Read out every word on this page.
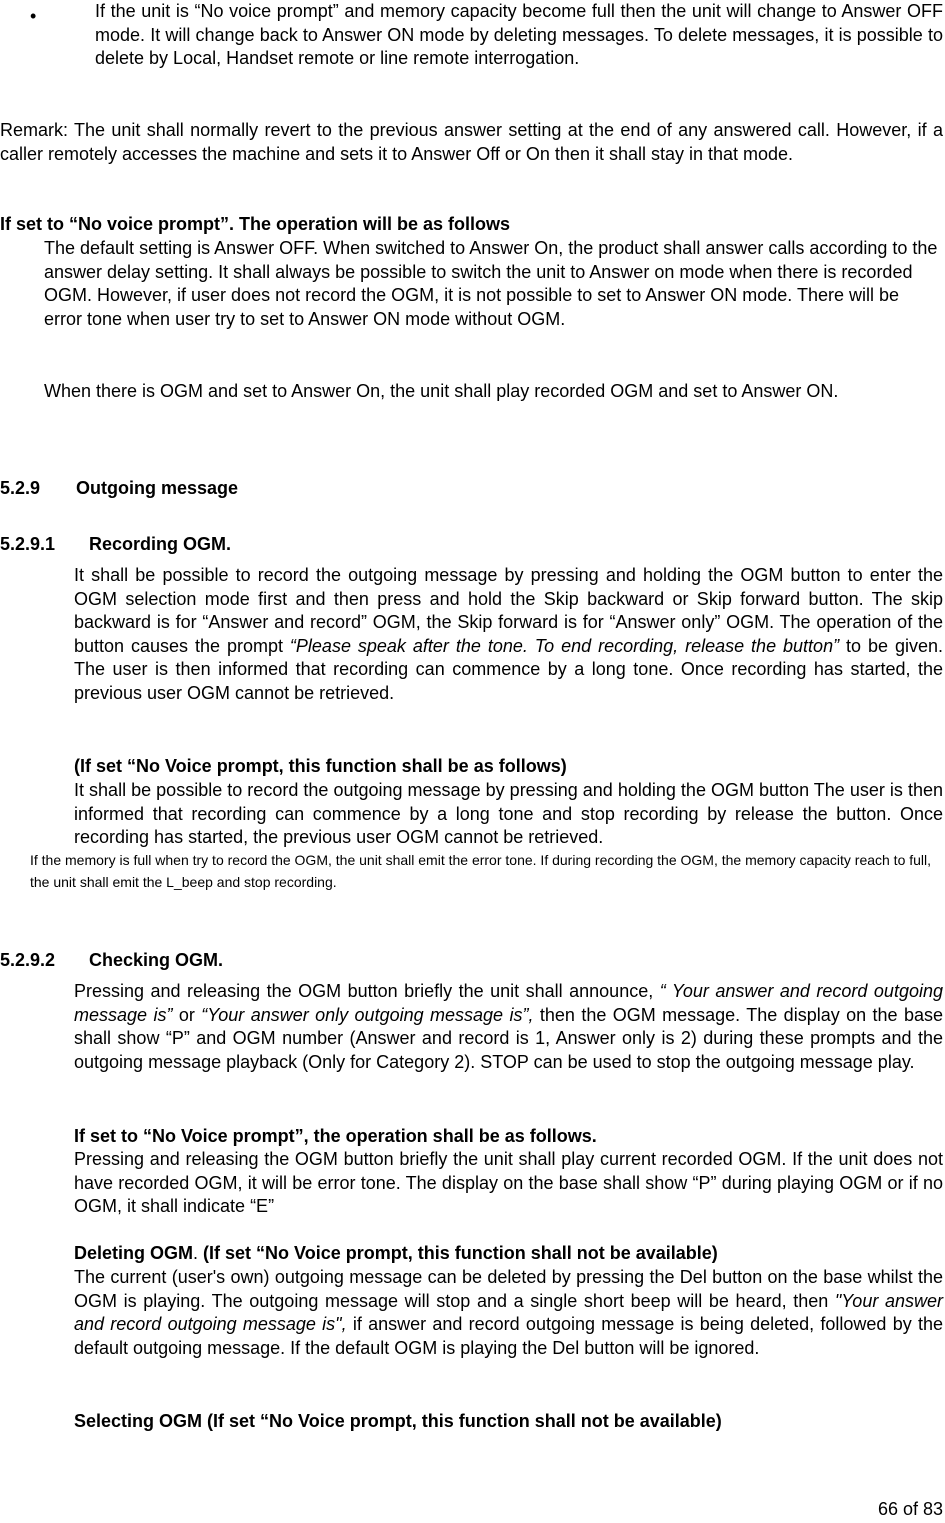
•	If the unit is “No voice prompt” and memory capacity become full then the unit will change to Answer OFF mode. It will change back to Answer ON mode by deleting messages. To delete messages, it is possible to delete by Local, Handset remote or line remote interrogation.

Remark: The unit shall normally revert to the previous answer setting at the end of any answered call. However, if a caller remotely accesses the machine and sets it to Answer Off or On then it shall stay in that mode.

If set to “No voice prompt”. The operation will be as follows

The default setting is Answer OFF. When switched to Answer On, the product shall answer calls according to the answer delay setting. It shall always be possible to switch the unit to Answer on mode when there is recorded OGM. However, if user does not record the OGM, it is not possible to set to Answer ON mode. There will be error tone when user try to set to Answer ON mode without OGM.

When there is OGM and set to Answer On, the unit shall play recorded OGM and set to Answer ON.

5.2.9 Outgoing message
5.2.9.1 Recording OGM.

It shall be possible to record the outgoing message by pressing and holding the OGM button to enter the OGM selection mode first and then press and hold the Skip backward or Skip forward button. The skip backward is for “Answer and record” OGM, the Skip forward is for “Answer only” OGM. The operation of the button causes the prompt “Please speak after the tone. To end recording, release the button” to be given. The user is then informed that recording can commence by a long tone. Once recording has started, the previous user OGM cannot be retrieved.

(If set “No Voice prompt, this function shall be as follows)

It shall be possible to record the outgoing message by pressing and holding the OGM button The user is then informed that recording can commence by a long tone and stop recording by release the button. Once recording has started, the previous user OGM cannot be retrieved.

If the memory is full when try to record the OGM, the unit shall emit the error tone. If during recording the OGM, the memory capacity reach to full, the unit shall emit the L_beep and stop recording.

5.2.9.2 Checking OGM.

Pressing and releasing the OGM button briefly the unit shall announce, “ Your answer and record outgoing message is” or “Your answer only outgoing message is”, then the OGM message. The display on the base shall show “P” and OGM number (Answer and record is 1, Answer only is 2) during these prompts and the outgoing message playback (Only for Category 2). STOP can be used to stop the outgoing message play.

If set to “No Voice prompt”, the operation shall be as follows.

Pressing and releasing the OGM button briefly the unit shall play current recorded OGM. If the unit does not have recorded OGM, it will be error tone. The display on the base shall show “P” during playing OGM or if no OGM, it shall indicate “E”

Deleting OGM. (If set “No Voice prompt, this function shall not be available)

The current (user's own) outgoing message can be deleted by pressing the Del button on the base whilst the OGM is playing. The outgoing message will stop and a single short beep will be heard, then "Your answer and record outgoing message is", if answer and record outgoing message is being deleted, followed by the default outgoing message. If the default OGM is playing the Del button will be ignored.

Selecting OGM (If set “No Voice prompt, this function shall not be available)

66 of 83
